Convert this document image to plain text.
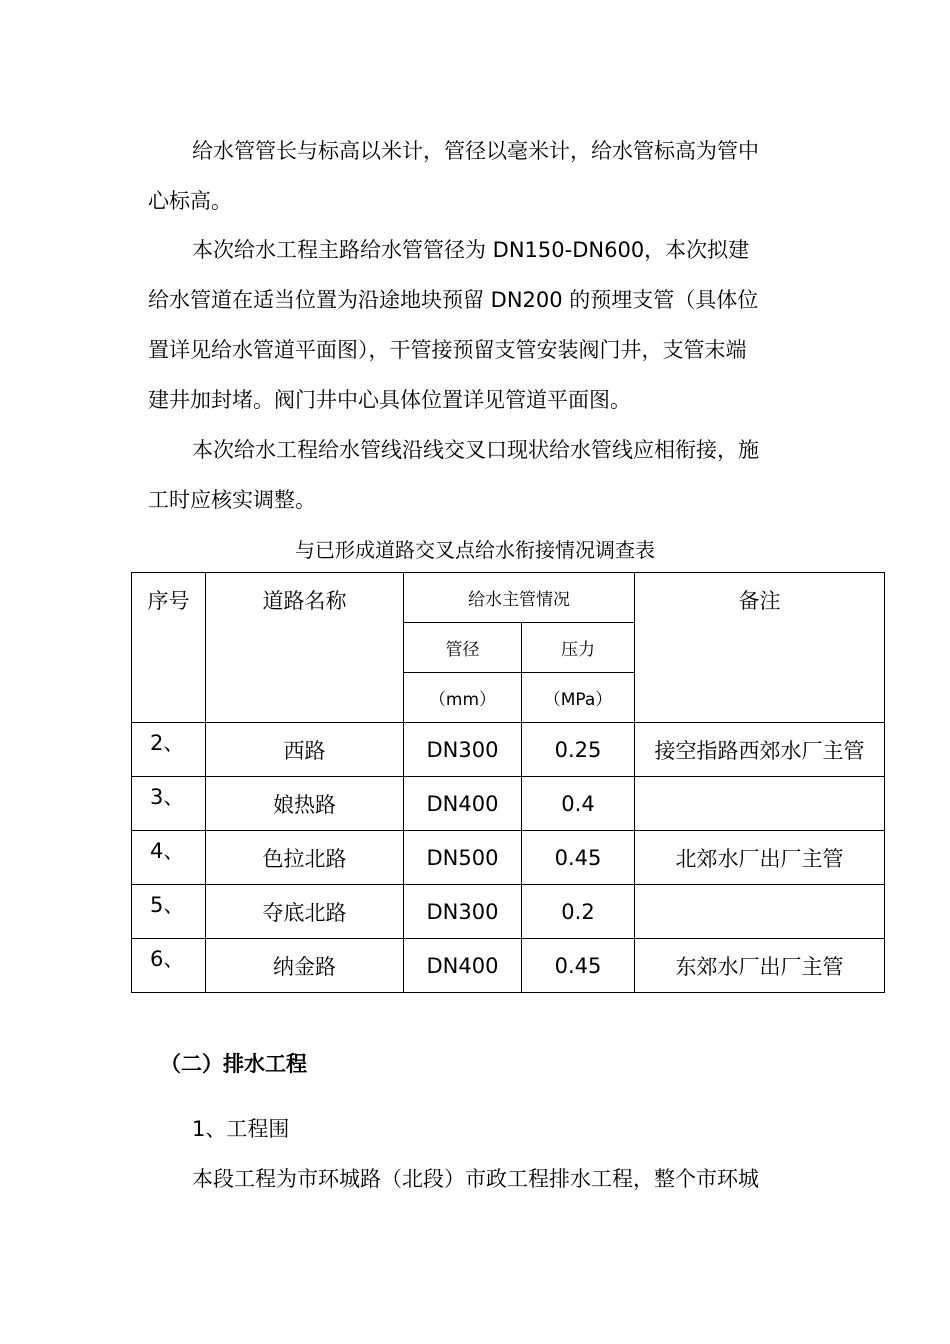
给水管管长与标高以米计，管径以毫米计，给水管标高为管中
心标高。
本次给水工程主路给水管管径为 DN150-DN600，本次拟建
给水管道在适当位置为沿途地块预留 DN200 的预埋支管（具体位
置详见给水管道平面图），干管接预留支管安装阀门井，支管末端
建井加封堵。阀门井中心具体位置详见管道平面图。
本次给水工程给水管线沿线交叉口现状给水管线应相衔接，施
工时应核实调整。
与已形成道路交叉点给水衔接情况调查表
序号	道路名称	给水主管情况		备注
		管径	压力	
		（mm）	（MPa）	
2、	西路	DN300	0.25	接空指路西郊水厂主管
3、	娘热路	DN400	0.4	
4、	色拉北路	DN500	0.45	北郊水厂出厂主管
5、	夺底北路	DN300	0.2	
6、	纳金路	DN400	0.45	东郊水厂出厂主管
（二）排水工程
1、工程围
本段工程为市环城路（北段）市政工程排水工程，整个市环城
